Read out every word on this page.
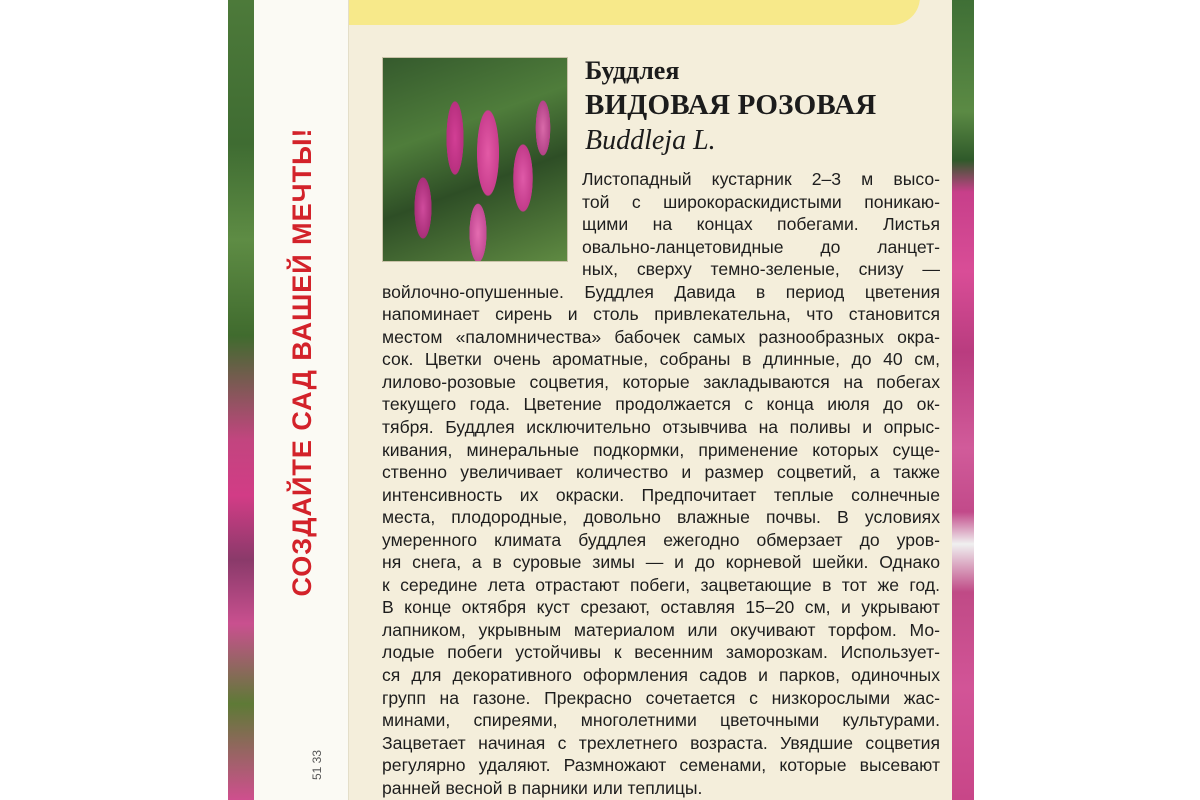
СОЗДАЙТЕ САД ВАШЕЙ МЕЧТЫ!
51 33

Буддлея

ВИДОВАЯ РОЗОВАЯ

Buddleja L.

Листопадный кустарник 2–3 м высо-
той с широкораскидистыми поникаю-
щими на концах побегами. Листья
овально-ланцетовидные до ланцет-
ных, сверху темно-зеленые, снизу —
войлочно-опушенные. Буддлея Давида в период цветения
напоминает сирень и столь привлекательна, что становится
местом «паломничества» бабочек самых разнообразных окра-
сок. Цветки очень ароматные, собраны в длинные, до 40 см,
лилово-розовые соцветия, которые закладываются на побегах
текущего года. Цветение продолжается с конца июля до ок-
тября. Буддлея исключительно отзывчива на поливы и опрыс-
кивания, минеральные подкормки, применение которых суще-
ственно увеличивает количество и размер соцветий, а также
интенсивность их окраски. Предпочитает теплые солнечные
места, плодородные, довольно влажные почвы. В условиях
умеренного климата буддлея ежегодно обмерзает до уров-
ня снега, а в суровые зимы — и до корневой шейки. Однако
к середине лета отрастают побеги, зацветающие в тот же год.
В конце октября куст срезают, оставляя 15–20 см, и укрывают
лапником, укрывным материалом или окучивают торфом. Мо-
лодые побеги устойчивы к весенним заморозкам. Использует-
ся для декоративного оформления садов и парков, одиночных
групп на газоне. Прекрасно сочетается с низкорослыми жас-
минами, спиреями, многолетними цветочными культурами.
Зацветает начиная с трехлетнего возраста. Увядшие соцветия
регулярно удаляют. Размножают семенами, которые высевают
ранней весной в парники или теплицы.
